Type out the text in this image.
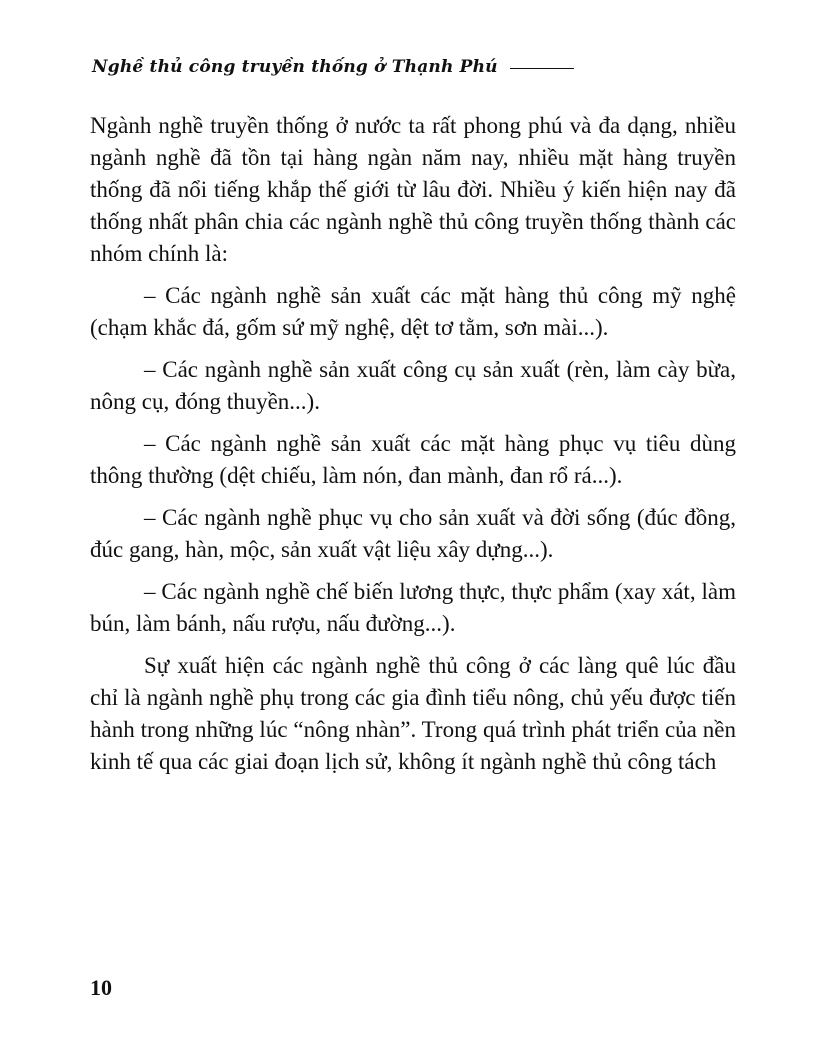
Nghề thủ công truyền thống ở Thạnh Phú

Ngành nghề truyền thống ở nước ta rất phong phú và đa dạng, nhiều ngành nghề đã tồn tại hàng ngàn năm nay, nhiều mặt hàng truyền thống đã nổi tiếng khắp thế giới từ lâu đời. Nhiều ý kiến hiện nay đã thống nhất phân chia các ngành nghề thủ công truyền thống thành các nhóm chính là:

– Các ngành nghề sản xuất các mặt hàng thủ công mỹ nghệ (chạm khắc đá, gốm sứ mỹ nghệ, dệt tơ tằm, sơn mài...).

– Các ngành nghề sản xuất công cụ sản xuất (rèn, làm cày bừa, nông cụ, đóng thuyền...).

– Các ngành nghề sản xuất các mặt hàng phục vụ tiêu dùng thông thường (dệt chiếu, làm nón, đan mành, đan rổ rá...).

– Các ngành nghề phục vụ cho sản xuất và đời sống (đúc đồng, đúc gang, hàn, mộc, sản xuất vật liệu xây dựng...).

– Các ngành nghề chế biến lương thực, thực phẩm (xay xát, làm bún, làm bánh, nấu rượu, nấu đường...).

Sự xuất hiện các ngành nghề thủ công ở các làng quê lúc đầu chỉ là ngành nghề phụ trong các gia đình tiểu nông, chủ yếu được tiến hành trong những lúc “nông nhàn”. Trong quá trình phát triển của nền kinh tế qua các giai đoạn lịch sử, không ít ngành nghề thủ công tách

10
